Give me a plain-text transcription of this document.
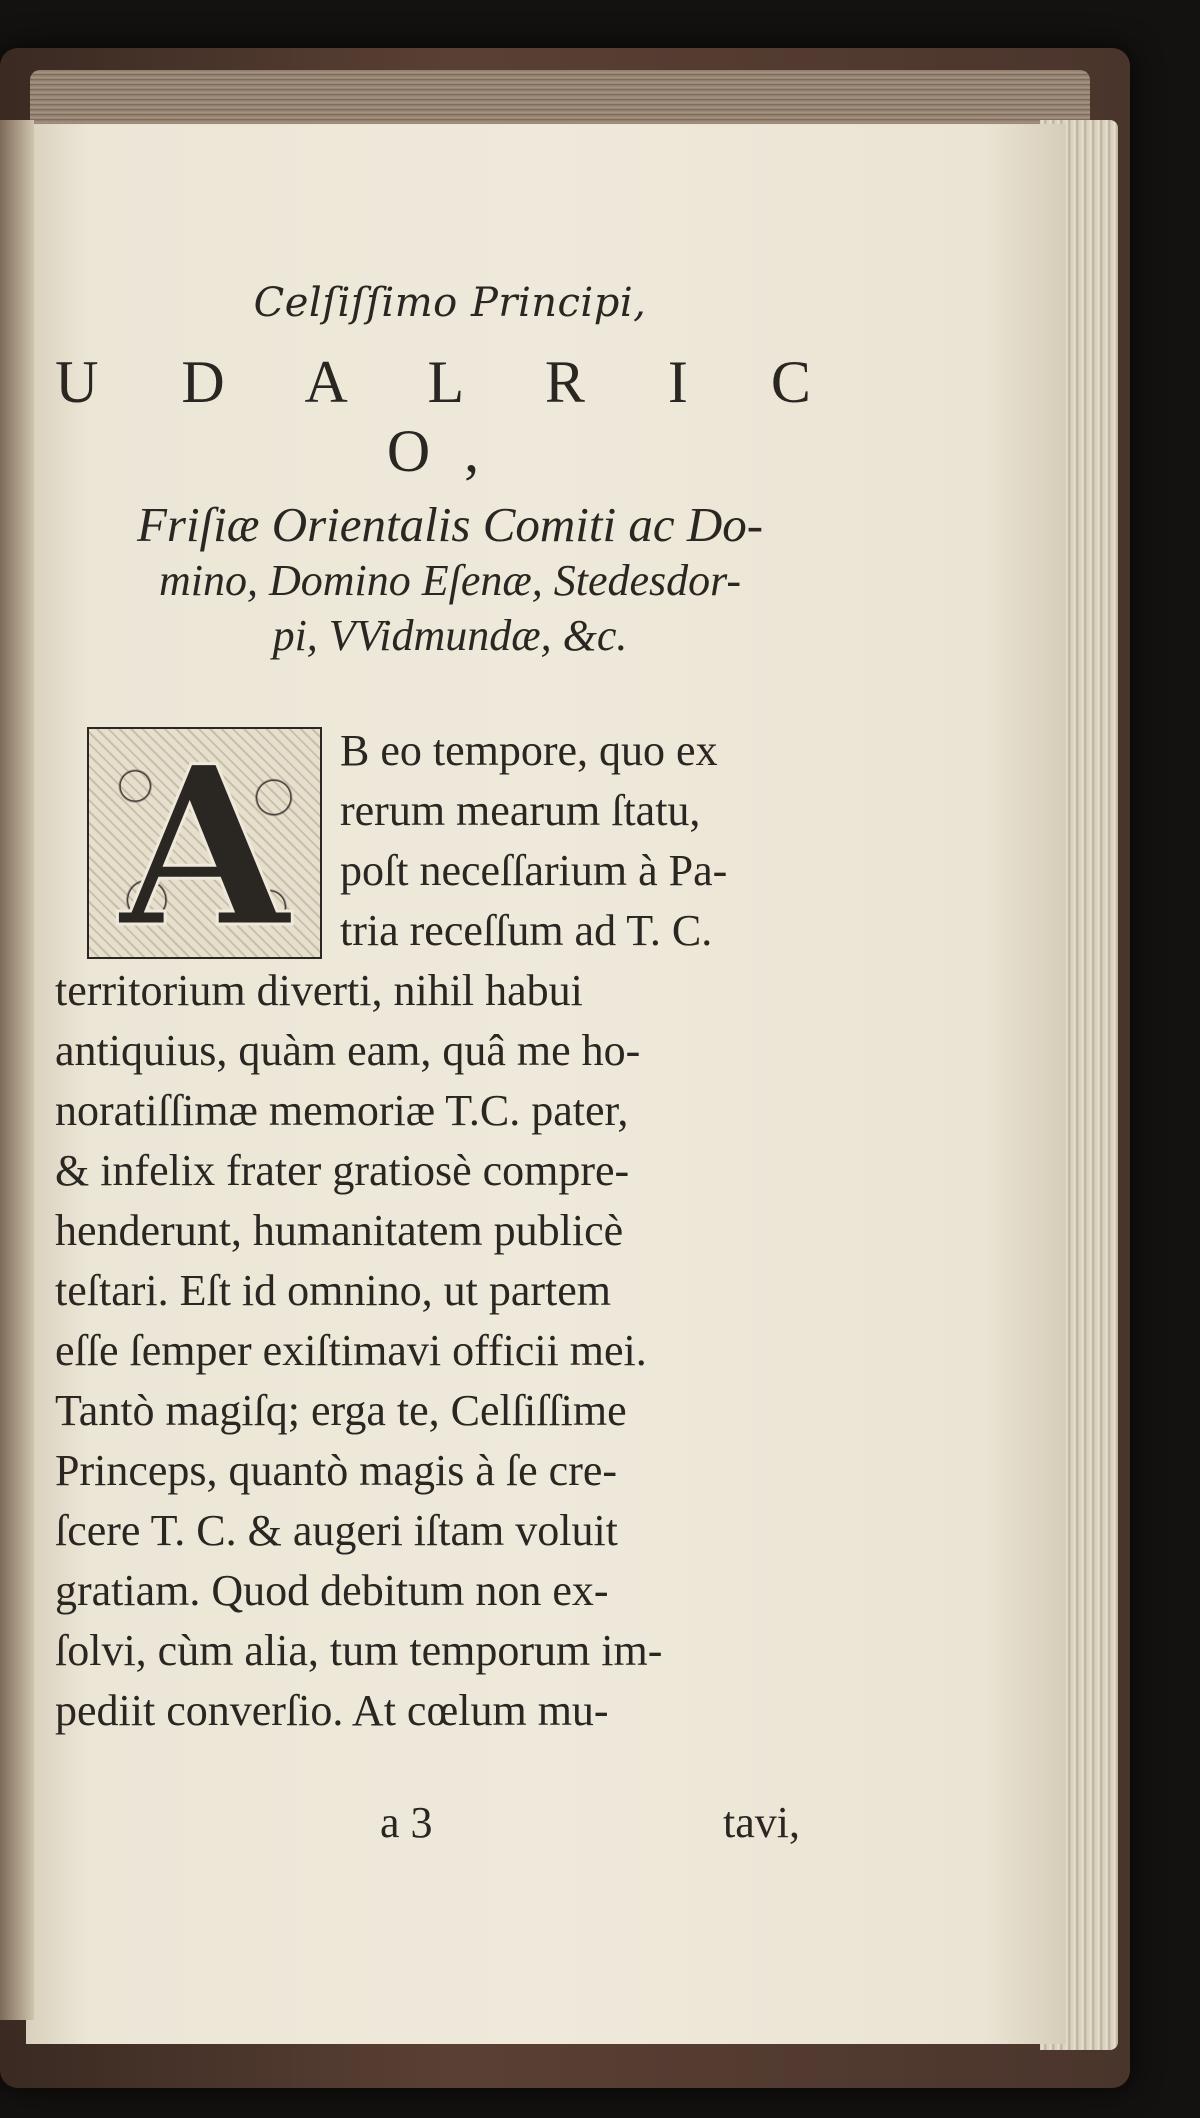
Celſiſſimo Principi,
U D A L R I C O,
Friſiæ Orientalis Comiti ac Do-
mino, Domino Eſenæ, Stedesdor-
pi, VVidmundæ, &c.
A	B eo tempore, quo ex

rerum mearum ſtatu,

poſt neceſſarium à Pa-

tria receſſum ad T. C.

territorium diverti, nihil habui

antiquius, quàm eam, quâ me ho-

noratiſſimæ memoriæ T.C. pater,

& infelix frater gratiosè compre-

henderunt, humanitatem publicè

teſtari. Eſt id omnino, ut partem

eſſe ſemper exiſtimavi officii mei.

Tantò magiſq; erga te, Celſiſſime

Princeps, quantò magis à ſe cre-

ſcere T. C. & augeri iſtam voluit

gratiam. Quod debitum non ex-

ſolvi, cùm alia, tum temporum im-

pediit converſio. At cœlum mu-

a 3	tavi,
